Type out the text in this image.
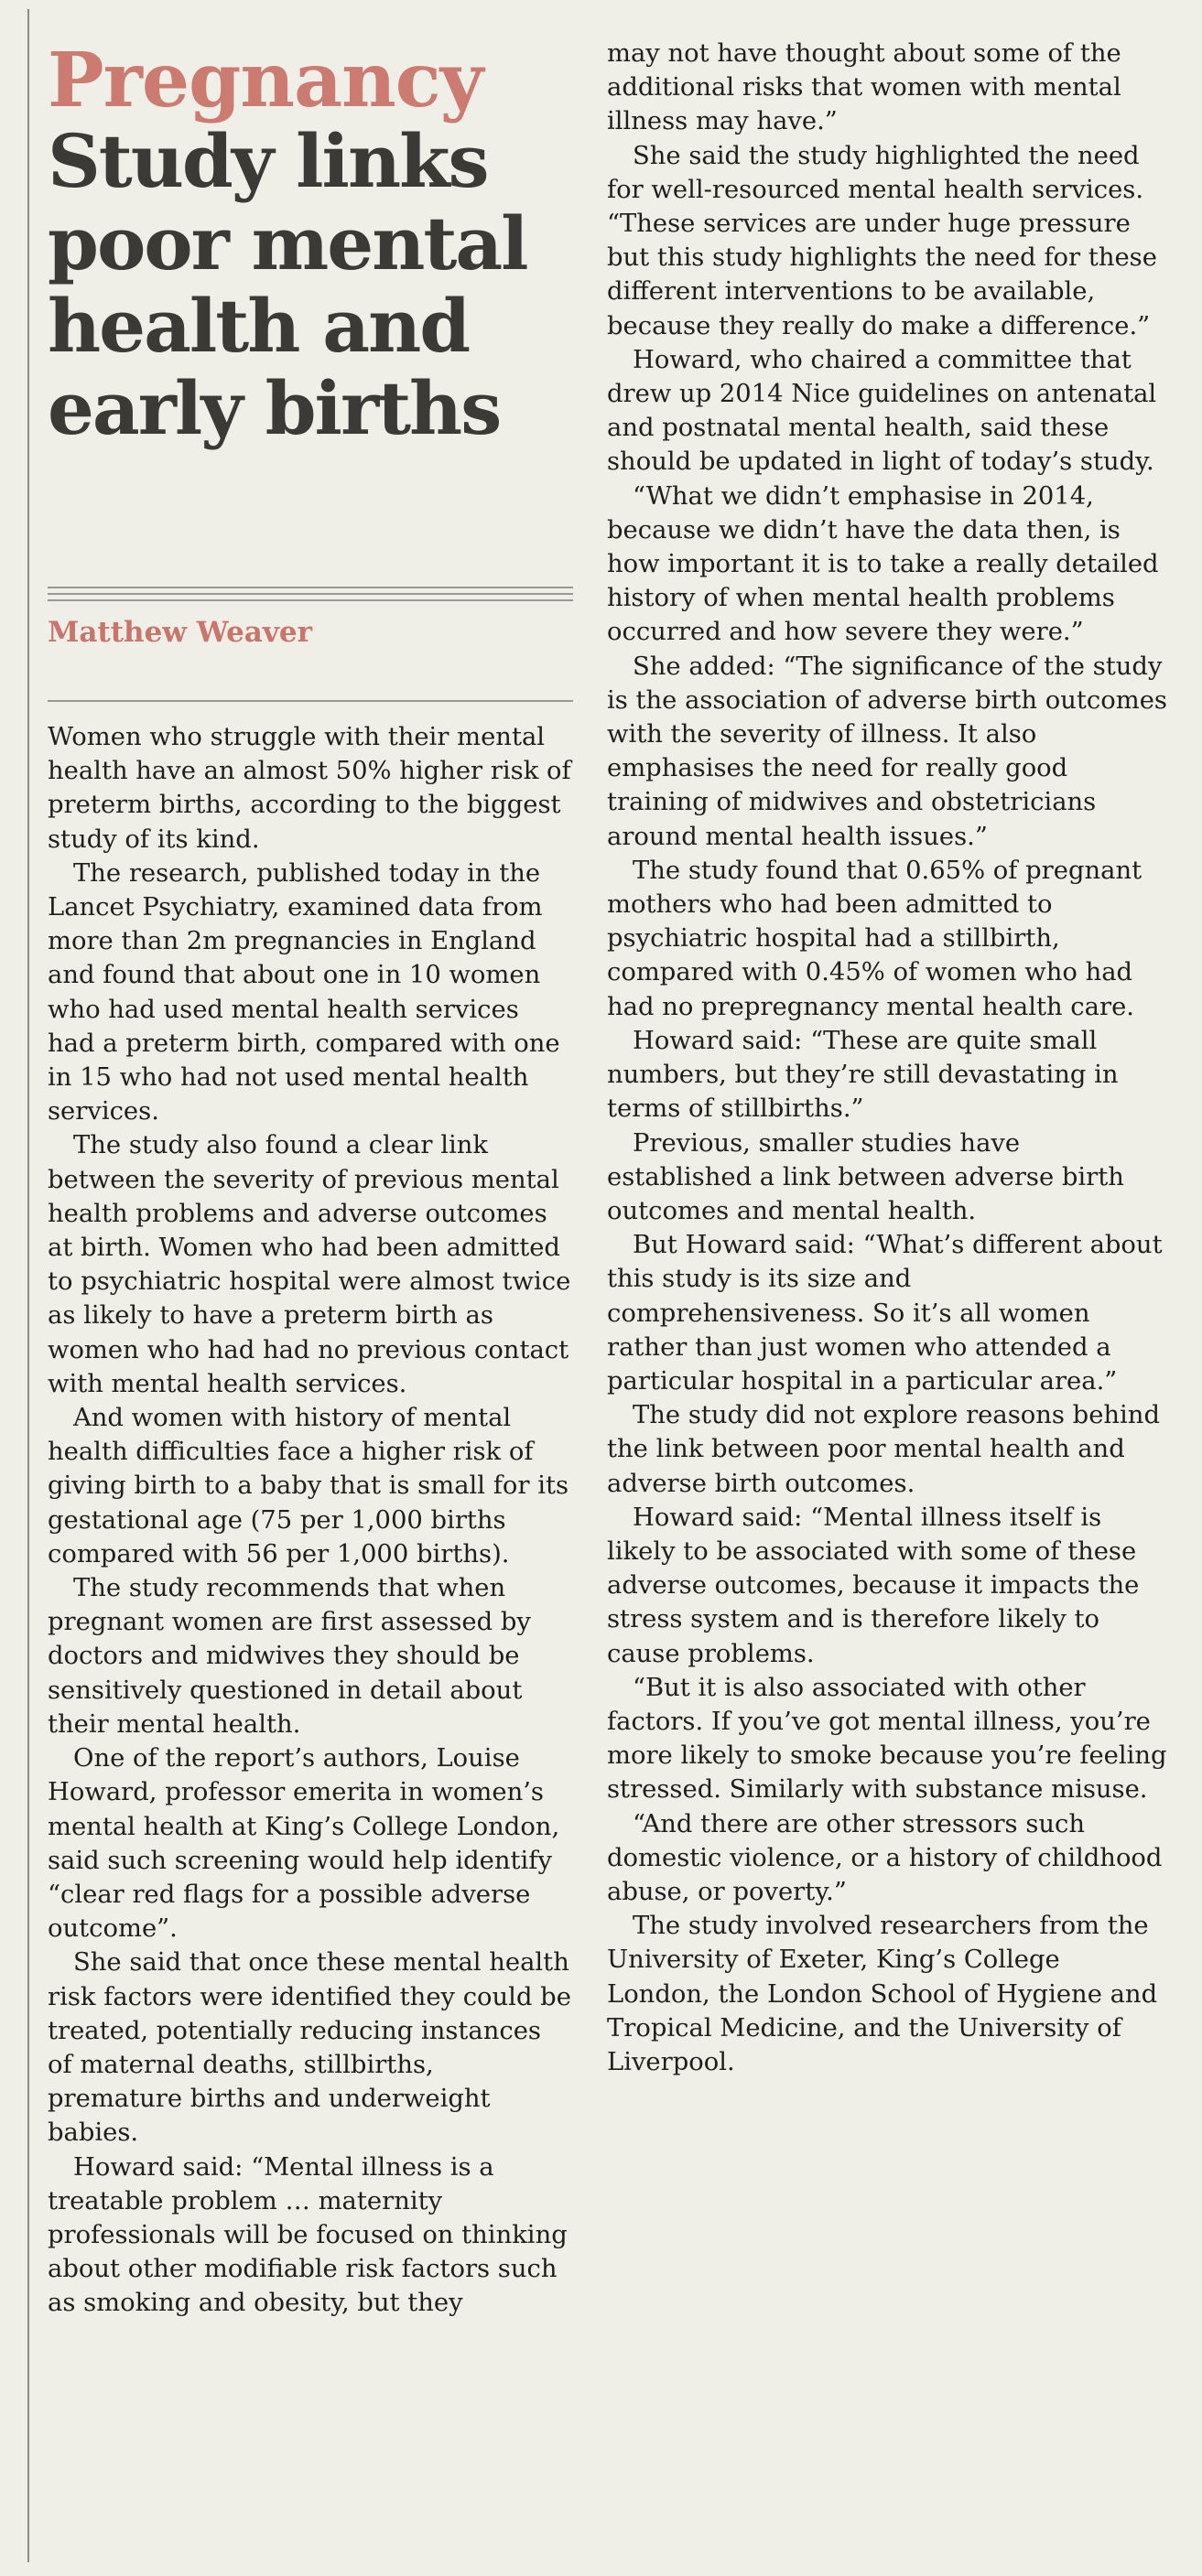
Pregnancy
Study links poor mental health and early births
Matthew Weaver

Women who struggle with their mental health have an almost 50% higher risk of preterm births, according to the biggest study of its kind.

The research, published today in the Lancet Psychiatry, examined data from more than 2m pregnancies in England and found that about one in 10 women who had used mental health services had a preterm birth, compared with one in 15 who had not used mental health services.

The study also found a clear link between the severity of previous mental health problems and adverse outcomes at birth. Women who had been admitted to psychiatric hospital were almost twice as likely to have a preterm birth as women who had had no previous contact with mental health services.

And women with history of mental health difficulties face a higher risk of giving birth to a baby that is small for its gestational age (75 per 1,000 births compared with 56 per 1,000 births).

The study recommends that when pregnant women are first assessed by doctors and midwives they should be sensitively questioned in detail about their mental health.

One of the report’s authors, Louise Howard, professor emerita in women’s mental health at King’s College London, said such screening would help identify “clear red flags for a possible adverse outcome”.

She said that once these mental health risk factors were identified they could be treated, potentially reducing instances of maternal deaths, stillbirths, premature births and underweight babies.

Howard said: “Mental illness is a treatable problem … maternity professionals will be focused on thinking about other modifiable risk factors such as smoking and obesity, but they

may not have thought about some of the additional risks that women with mental illness may have.”

She said the study highlighted the need for well-resourced mental health services. “These services are under huge pressure but this study highlights the need for these different interventions to be available, because they really do make a difference.”

Howard, who chaired a committee that drew up 2014 Nice guidelines on antenatal and postnatal mental health, said these should be updated in light of today’s study.

“What we didn’t emphasise in 2014, because we didn’t have the data then, is how important it is to take a really detailed history of when mental health problems occurred and how severe they were.”

She added: “The significance of the study is the association of adverse birth outcomes with the severity of illness. It also emphasises the need for really good training of midwives and obstetricians around mental health issues.”

The study found that 0.65% of pregnant mothers who had been admitted to psychiatric hospital had a stillbirth, compared with 0.45% of women who had had no prepregnancy mental health care.

Howard said: “These are quite small numbers, but they’re still devastating in terms of stillbirths.”

Previous, smaller studies have established a link between adverse birth outcomes and mental health.

But Howard said: “What’s different about this study is its size and comprehensiveness. So it’s all women rather than just women who attended a particular hospital in a particular area.”

The study did not explore reasons behind the link between poor mental health and adverse birth outcomes.

Howard said: “Mental illness itself is likely to be associated with some of these adverse outcomes, because it impacts the stress system and is therefore likely to cause problems.

“But it is also associated with other factors. If you’ve got mental illness, you’re more likely to smoke because you’re feeling stressed. Similarly with substance misuse.

“And there are other stressors such domestic violence, or a history of childhood abuse, or poverty.”

The study involved researchers from the University of Exeter, King’s College London, the London School of Hygiene and Tropical Medicine, and the University of Liverpool.
